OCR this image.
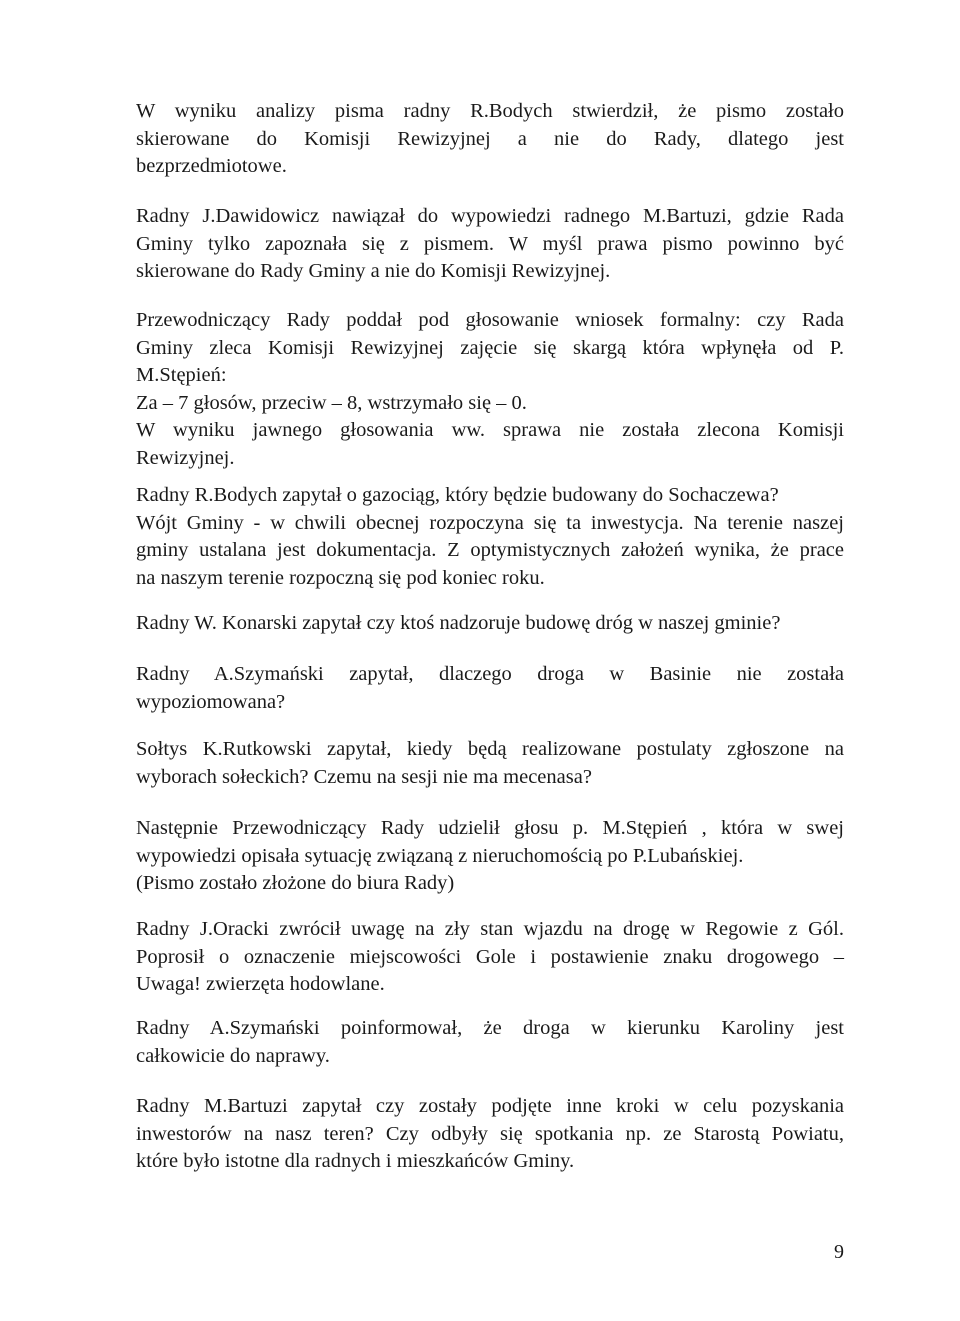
W wyniku analizy pisma radny R.Bodych stwierdził, że pismo zostało
skierowane do Komisji Rewizyjnej a nie do Rady, dlatego jest
bezprzedmiotowe.
Radny J.Dawidowicz nawiązał do wypowiedzi radnego M.Bartuzi, gdzie Rada
Gminy tylko zapoznała się z pismem. W myśl prawa pismo powinno być
skierowane do Rady Gminy a nie do Komisji Rewizyjnej.
Przewodniczący Rady poddał pod głosowanie wniosek formalny: czy Rada
Gminy zleca Komisji Rewizyjnej zajęcie się skargą która wpłynęła od P.
M.Stępień:
Za – 7 głosów, przeciw – 8, wstrzymało się – 0.
W wyniku jawnego głosowania ww. sprawa nie została zlecona Komisji
Rewizyjnej.
Radny R.Bodych zapytał o gazociąg, który będzie budowany do Sochaczewa?
Wójt Gminy - w chwili obecnej rozpoczyna się ta inwestycja. Na terenie naszej
gminy ustalana jest dokumentacja. Z optymistycznych założeń wynika, że prace
na naszym terenie rozpoczną się pod koniec roku.
Radny W. Konarski zapytał czy ktoś nadzoruje budowę dróg w naszej gminie?
Radny A.Szymański zapytał, dlaczego droga w Basinie nie została
wypoziomowana?
Sołtys K.Rutkowski zapytał, kiedy będą realizowane postulaty zgłoszone na
wyborach sołeckich? Czemu na sesji nie ma mecenasa?
Następnie Przewodniczący Rady udzielił głosu p. M.Stępień , która w swej
wypowiedzi opisała sytuację związaną z nieruchomością po P.Lubańskiej.
(Pismo zostało złożone do biura Rady)
Radny J.Oracki zwrócił uwagę na zły stan wjazdu na drogę w Regowie z Gól.
Poprosił o oznaczenie miejscowości Gole i postawienie znaku drogowego –
Uwaga! zwierzęta hodowlane.
Radny A.Szymański poinformował, że droga w kierunku Karoliny jest
całkowicie do naprawy.
Radny M.Bartuzi zapytał czy zostały podjęte inne kroki w celu pozyskania
inwestorów na nasz teren? Czy odbyły się spotkania np. ze Starostą Powiatu,
które było istotne dla radnych i mieszkańców Gminy.
9
